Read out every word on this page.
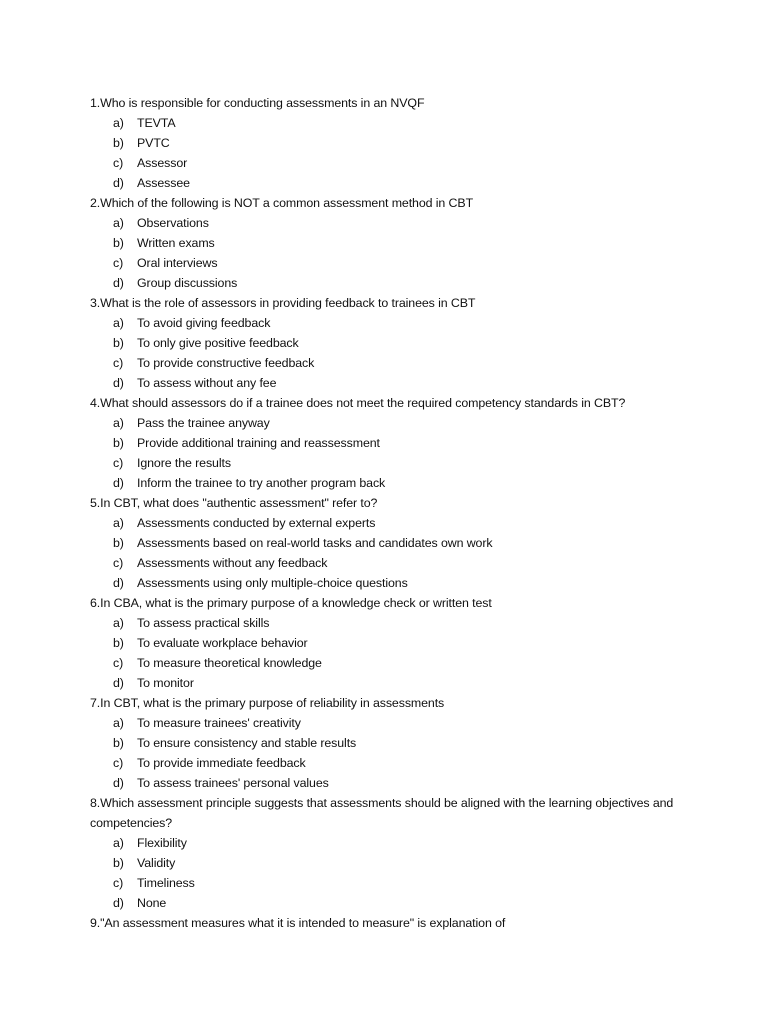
1.Who is responsible for conducting assessments in an NVQF

a)	TEVTA
b)	PVTC
c)	Assessor
d)	Assessee

2.Which of the following is NOT a common assessment method in CBT

a)	Observations
b)	Written exams
c)	Oral interviews
d)	Group discussions

3.What is the role of assessors in providing feedback to trainees in CBT

a)	To avoid giving feedback
b)	To only give positive feedback
c)	To provide constructive feedback
d)	To assess without any fee

4.What should assessors do if a trainee does not meet the required competency standards in CBT?

a)	Pass the trainee anyway
b)	Provide additional training and reassessment
c)	Ignore the results
d)	Inform the trainee to try another program back

5.In CBT, what does "authentic assessment" refer to?

a)	Assessments conducted by external experts
b)	Assessments based on real-world tasks and candidates own work
c)	Assessments without any feedback
d)	Assessments using only multiple-choice questions

6.In CBA, what is the primary purpose of a knowledge check or written test

a)	To assess practical skills
b)	To evaluate workplace behavior
c)	To measure theoretical knowledge
d)	To monitor

7.In CBT, what is the primary purpose of reliability in assessments

a)	To measure trainees' creativity
b)	To ensure consistency and stable results
c)	To provide immediate feedback
d)	To assess trainees' personal values

8.Which assessment principle suggests that assessments should be aligned with the learning objectives and competencies?

a)	Flexibility
b)	Validity
c)	Timeliness
d)	None

9."An assessment measures what it is intended to measure" is explanation of
